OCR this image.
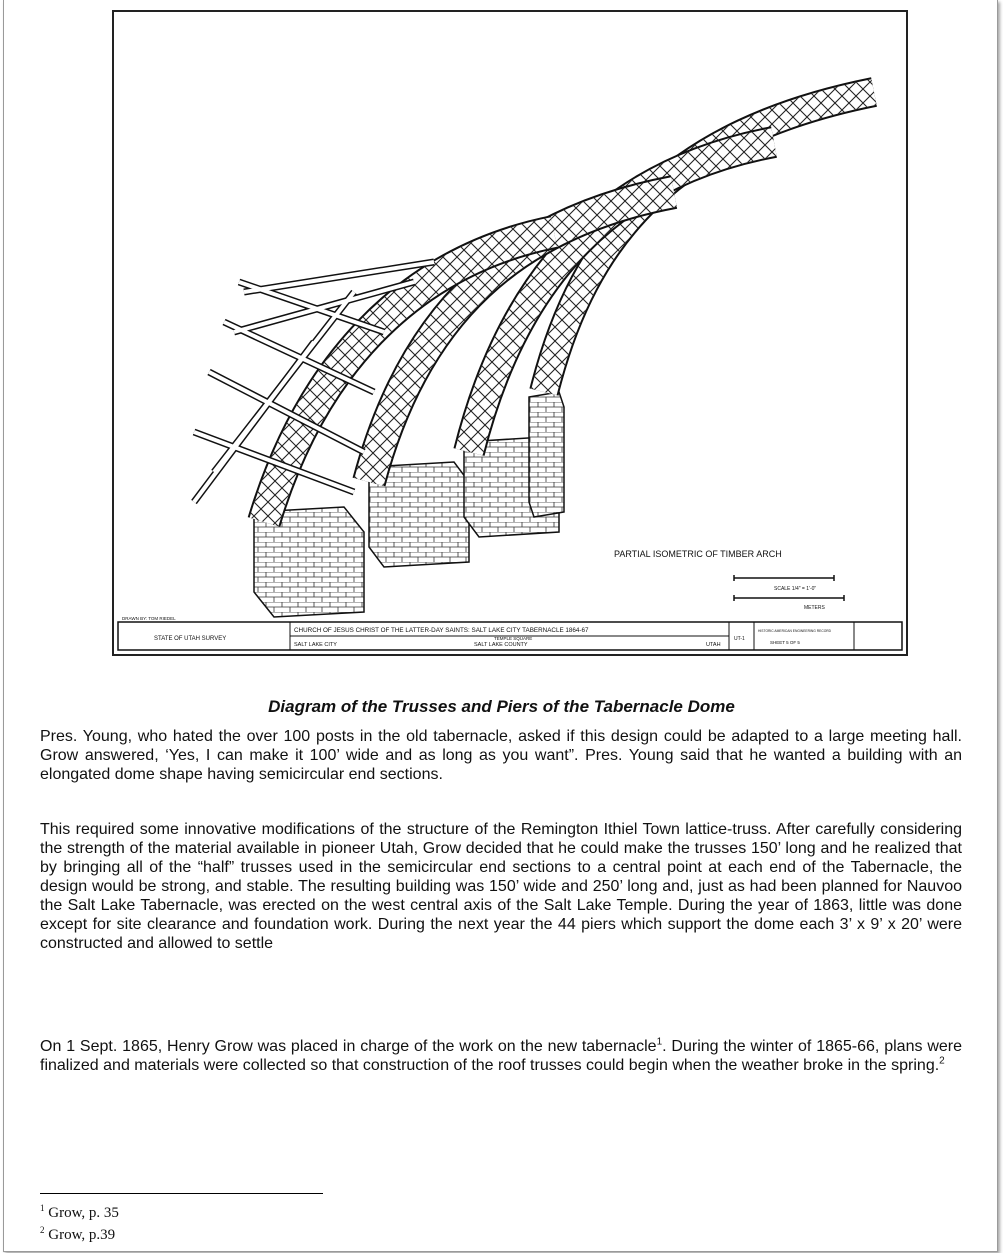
PARTIAL ISOMETRIC OF TIMBER ARCH
SCALE 1/4" = 1'-0"
METERS
DRAWN BY: TOM RIEDEL
STATE OF UTAH SURVEY
CHURCH OF JESUS CHRIST OF THE LATTER-DAY SAINTS: SALT LAKE CITY TABERNACLE 1864-67
TEMPLE SQUARE
SALT LAKE CITY	SALT LAKE COUNTY	UTAH
UT-1
HISTORIC AMERICAN ENGINEERING RECORD
SHEET 5 OF 5
Diagram of the Trusses and Piers of the Tabernacle Dome

Pres. Young, who hated the over 100 posts in the old tabernacle, asked if this design could be adapted to a large meeting hall. Grow answered, ‘Yes, I can make it 100’ wide and as long as you want”. Pres. Young said that he wanted a building with an elongated dome shape having semicircular end sections.

This required some innovative modifications of the structure of the Remington Ithiel Town lattice-truss. After carefully considering the strength of the material available in pioneer Utah, Grow decided that he could make the trusses 150’ long and he realized that by bringing all of the “half” trusses used in the semicircular end sections to a central point at each end of the Tabernacle, the design would be strong, and stable. The resulting building was 150’ wide and 250’ long and, just as had been planned for Nauvoo the Salt Lake Tabernacle, was erected on the west central axis of the Salt Lake Temple. During the year of 1863, little was done except for site clearance and foundation work. During the next year the 44 piers which support the dome each 3’ x 9’ x 20’ were constructed and allowed to settle

On 1 Sept. 1865, Henry Grow was placed in charge of the work on the new tabernacle$^1$. During the winter of 1865-66, plans were finalized and materials were collected so that construction of the roof trusses could begin when the weather broke in the spring.$^2$

$^1$ Grow, p. 35
$^2$ Grow, p.39
